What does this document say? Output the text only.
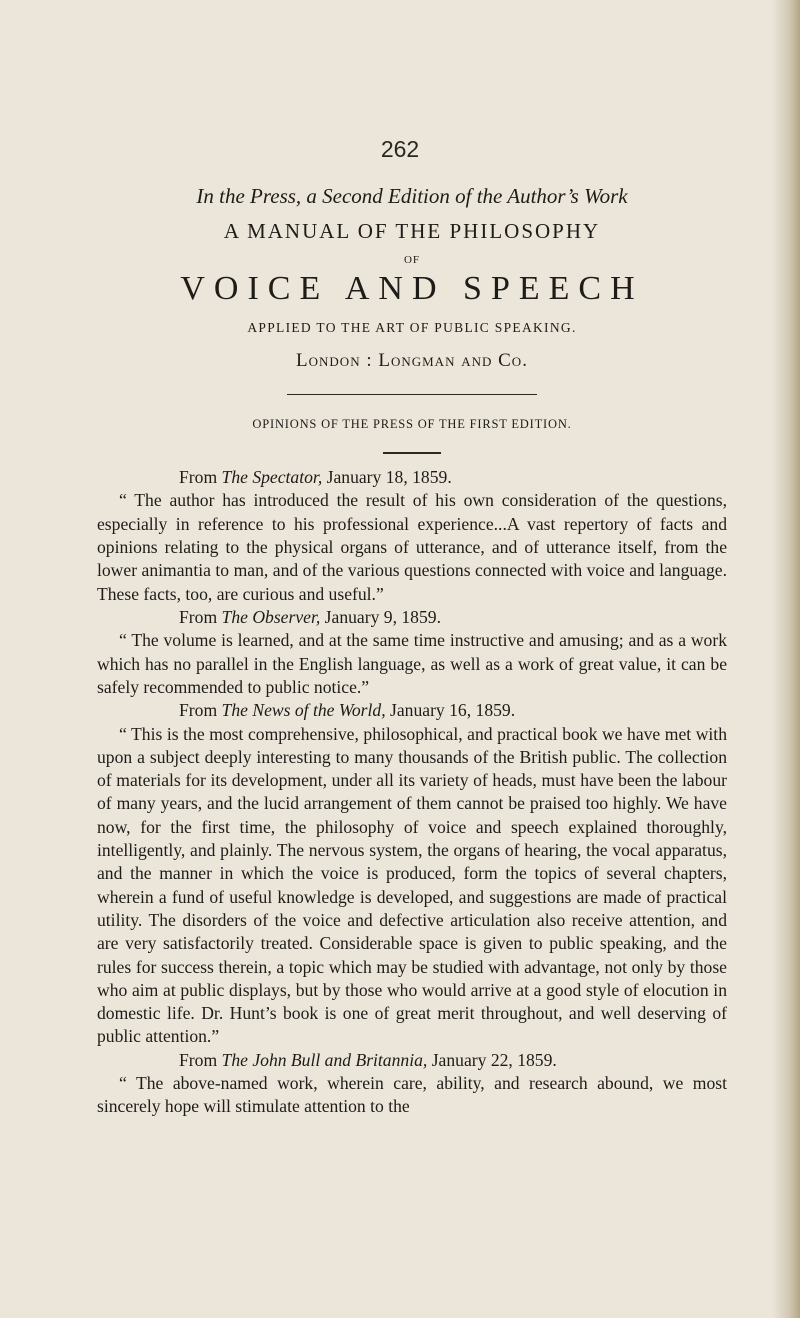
262

In the Press, a Second Edition of the Author’s Work

A MANUAL OF THE PHILOSOPHY
OF
VOICE AND SPEECH
APPLIED TO THE ART OF PUBLIC SPEAKING.
London : Longman and Co.
OPINIONS OF THE PRESS OF THE FIRST EDITION.

From The Spectator, January 18, 1859.

“ The author has introduced the result of his own consideration of the questions, especially in reference to his professional experience...A vast repertory of facts and opinions relating to the physical organs of utterance, and of utterance itself, from the lower animantia to man, and of the various questions connected with voice and language. These facts, too, are curious and useful.”

From The Observer, January 9, 1859.

“ The volume is learned, and at the same time instructive and amusing; and as a work which has no parallel in the English language, as well as a work of great value, it can be safely recommended to public notice.”

From The News of the World, January 16, 1859.

“ This is the most comprehensive, philosophical, and practical book we have met with upon a subject deeply interesting to many thousands of the British public. The collection of materials for its development, under all its variety of heads, must have been the labour of many years, and the lucid arrangement of them cannot be praised too highly. We have now, for the first time, the philosophy of voice and speech explained thoroughly, intelligently, and plainly. The nervous system, the organs of hearing, the vocal apparatus, and the manner in which the voice is produced, form the topics of several chapters, wherein a fund of useful knowledge is developed, and suggestions are made of practical utility. The disorders of the voice and defective articulation also receive attention, and are very satisfactorily treated. Considerable space is given to public speaking, and the rules for success therein, a topic which may be studied with advantage, not only by those who aim at public displays, but by those who would arrive at a good style of elocution in domestic life. Dr. Hunt’s book is one of great merit throughout, and well deserving of public attention.”

From The John Bull and Britannia, January 22, 1859.

“ The above-named work, wherein care, ability, and research abound, we most sincerely hope will stimulate attention to the
